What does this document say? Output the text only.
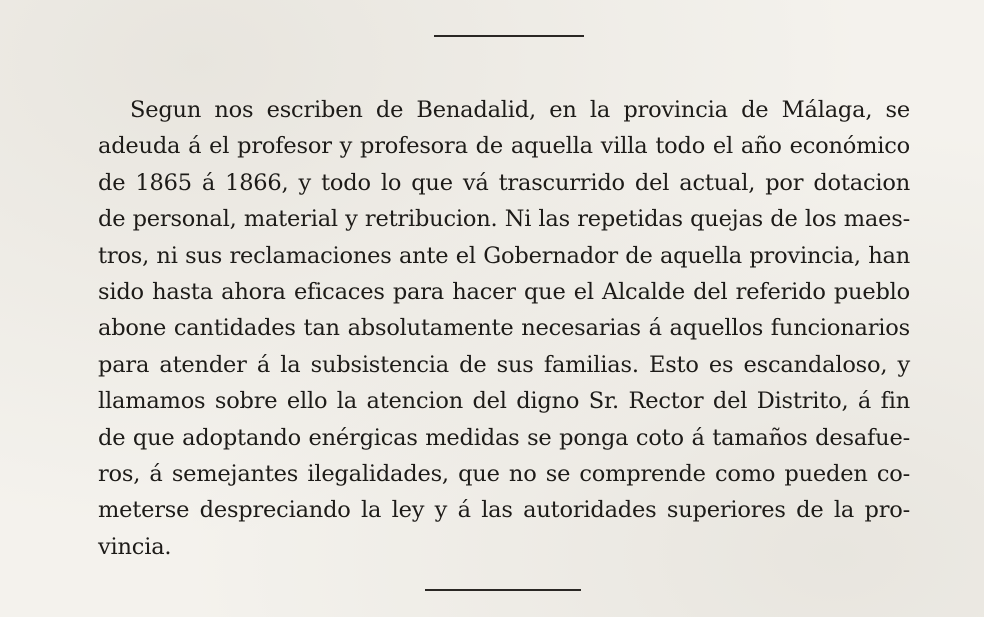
Segun nos escriben de Benadalid, en la provincia de Málaga, se
adeuda á el profesor y profesora de aquella villa todo el año económico
de 1865 á 1866, y todo lo que vá trascurrido del actual, por dotacion
de personal, material y retribucion. Ni las repetidas quejas de los maes-
tros, ni sus reclamaciones ante el Gobernador de aquella provincia, han
sido hasta ahora eficaces para hacer que el Alcalde del referido pueblo
abone cantidades tan absolutamente necesarias á aquellos funcionarios
para atender á la subsistencia de sus familias. Esto es escandaloso, y
llamamos sobre ello la atencion del digno Sr. Rector del Distrito, á fin
de que adoptando enérgicas medidas se ponga coto á tamaños desafue-
ros, á semejantes ilegalidades, que no se comprende como pueden co-
meterse despreciando la ley y á las autoridades superiores de la pro-
vincia.
